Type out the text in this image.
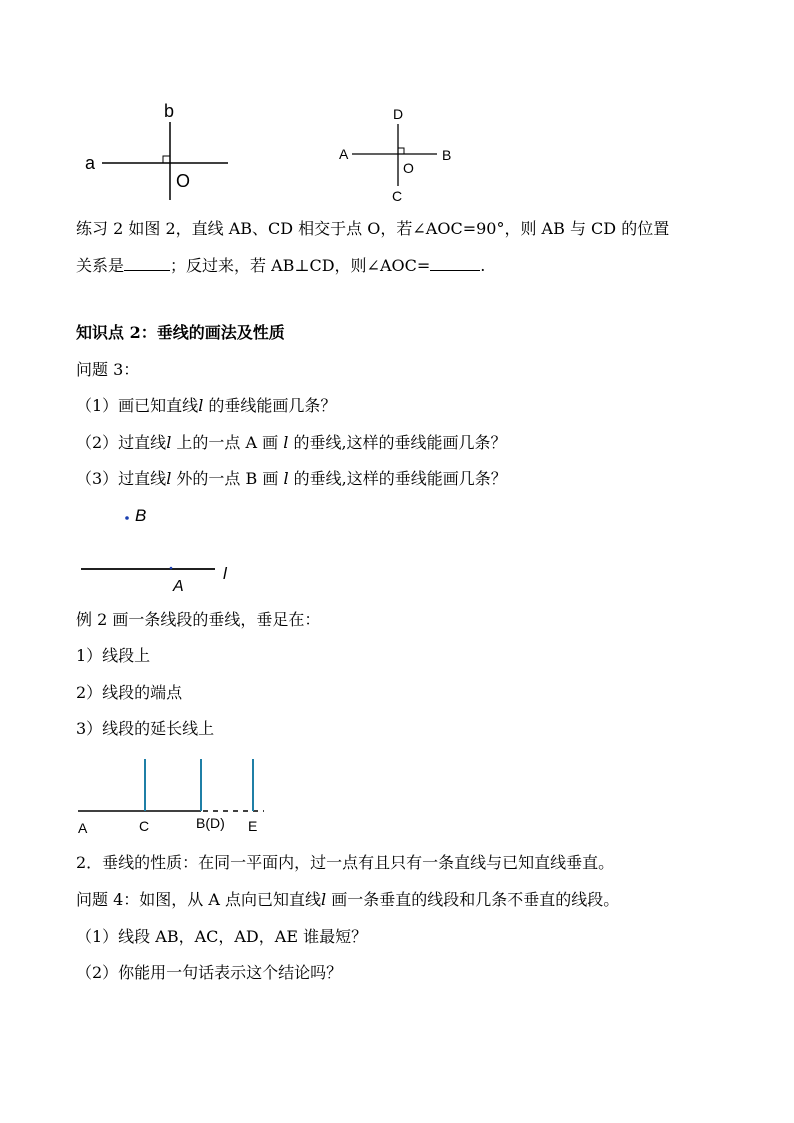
a
b
O
A	B
C
D
O
练习 2 如图 2，直线 AB、CD 相交于点 O，若∠AOC=90°，则 AB 与 CD 的位置
关系是	；反过来，若 AB⊥CD，则∠AOC=	.
知识点 2：垂线的画法及性质
问题 3：
（1）画已知直线l 的垂线能画几条？
（2）过直线l 上的一点 A 画 l 的垂线,这样的垂线能画几条？
（3）过直线l 外的一点 B 画 l 的垂线,这样的垂线能画几条？
B
A
l
例 2 画一条线段的垂线，垂足在：
1）线段上
2）线段的端点
3）线段的延长线上
A	C	B(D) E
2．垂线的性质：在同一平面内，过一点有且只有一条直线与已知直线垂直。
问题 4：如图，从 A 点向已知直线l 画一条垂直的线段和几条不垂直的线段。
（1）线段 AB，AC，AD，AE 谁最短？
（2）你能用一句话表示这个结论吗？
